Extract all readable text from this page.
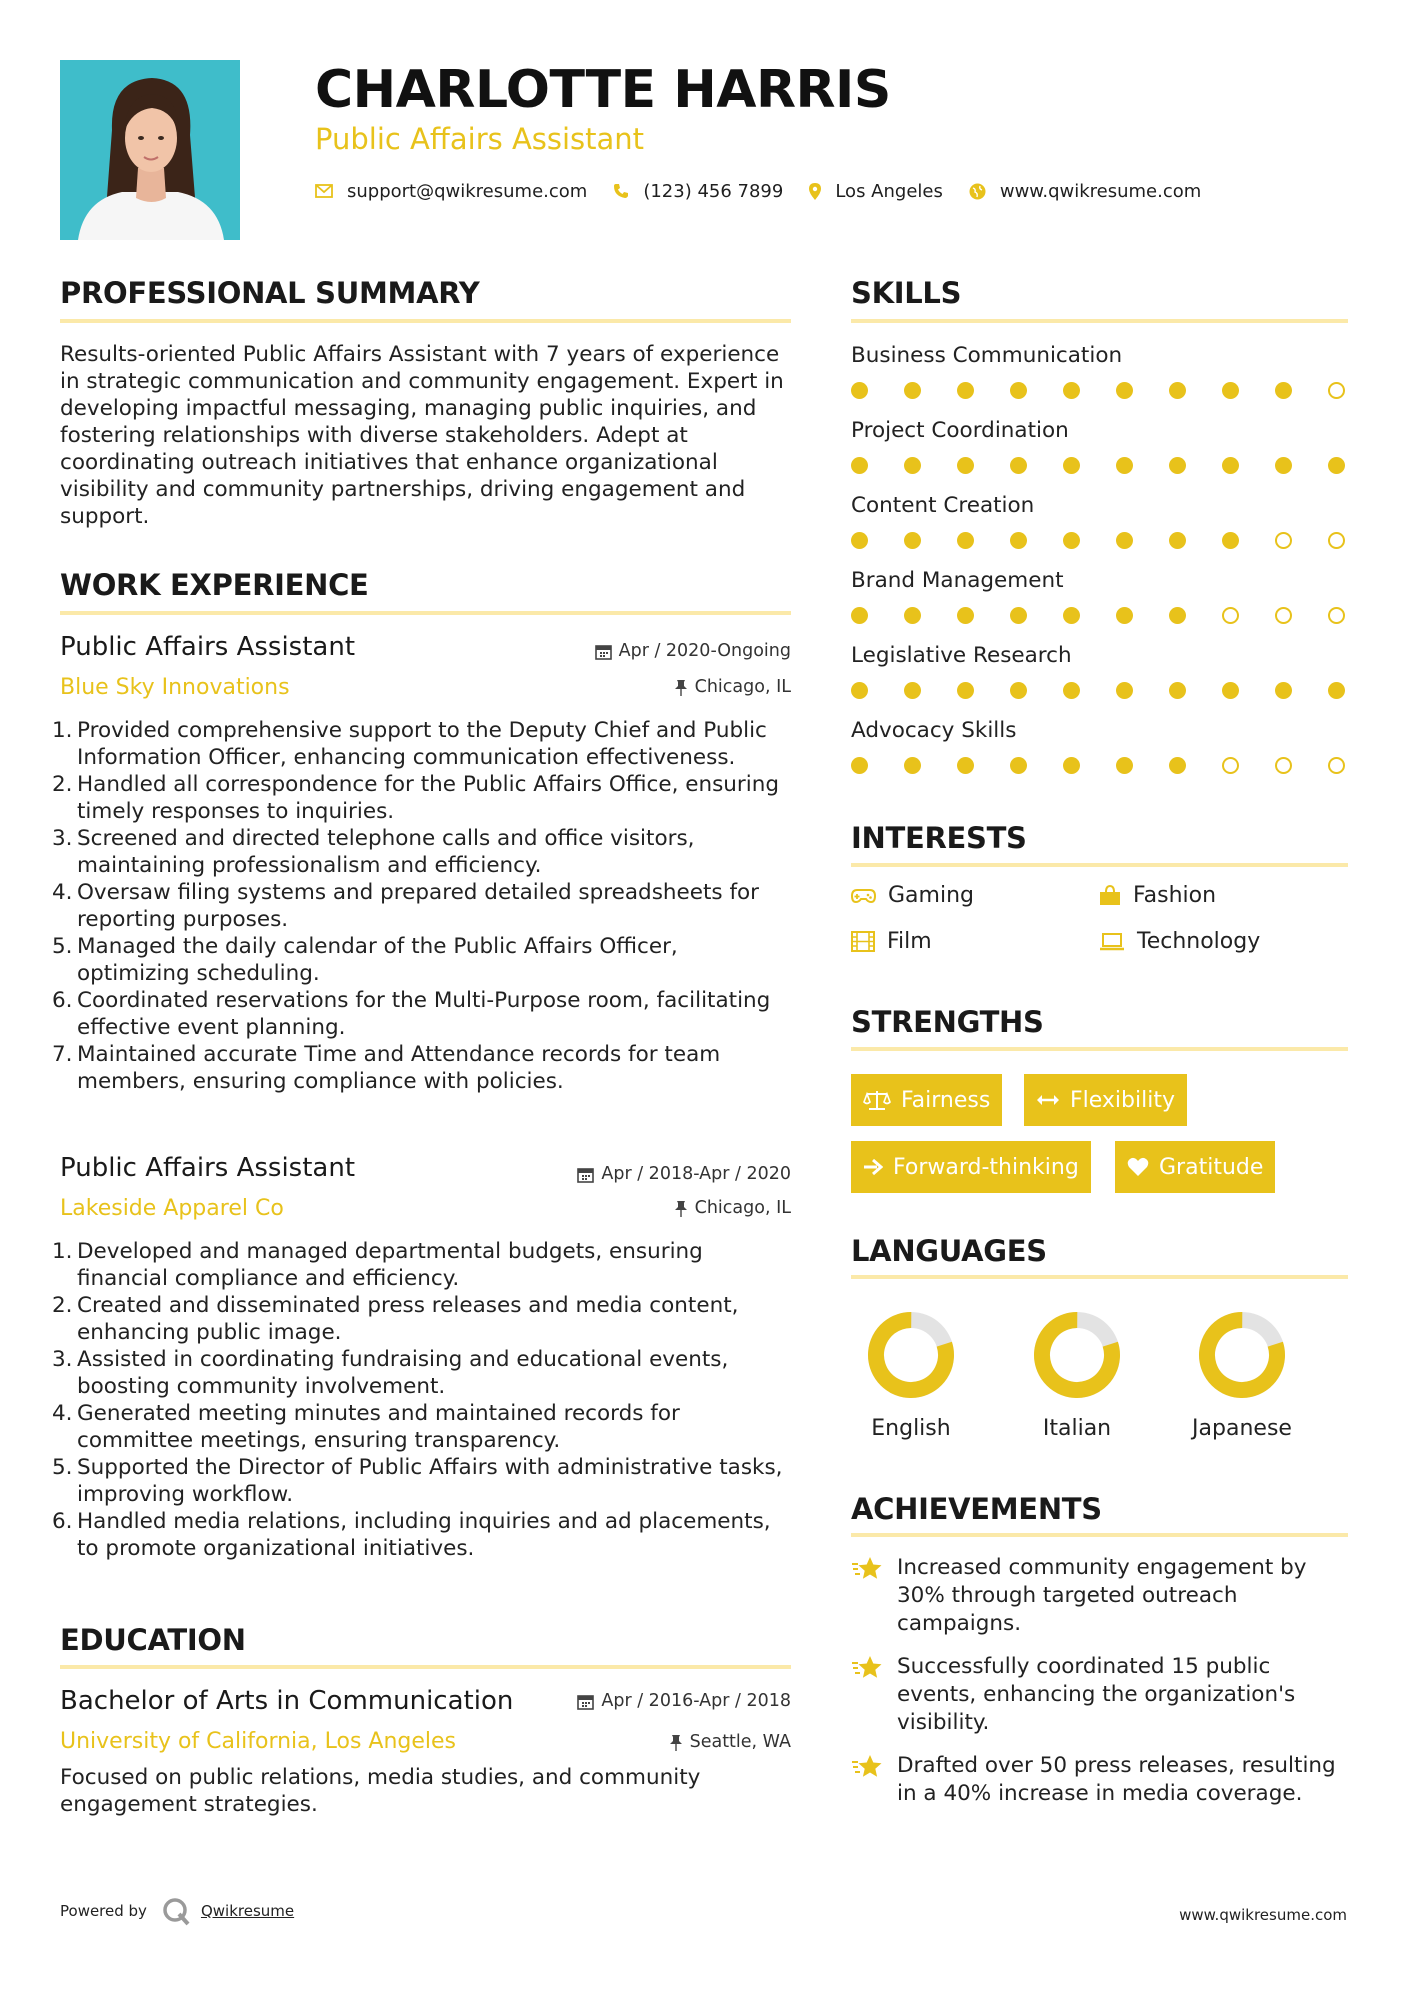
CHARLOTTE HARRIS
Public Affairs Assistant
support@qwikresume.com	(123) 456 7899	Los Angeles	www.qwikresume.com
PROFESSIONAL SUMMARY
Results-oriented Public Affairs Assistant with 7 years of experience in strategic communication and community engagement. Expert in developing impactful messaging, managing public inquiries, and fostering relationships with diverse stakeholders. Adept at coordinating outreach initiatives that enhance organizational visibility and community partnerships, driving engagement and support.
WORK EXPERIENCE
Public Affairs Assistant	Apr / 2020-Ongoing
Blue Sky Innovations	Chicago, IL
1. Provided comprehensive support to the Deputy Chief and Public Information Officer, enhancing communication effectiveness.
2. Handled all correspondence for the Public Affairs Office, ensuring timely responses to inquiries.
3. Screened and directed telephone calls and office visitors, maintaining professionalism and efficiency.
4. Oversaw filing systems and prepared detailed spreadsheets for reporting purposes.
5. Managed the daily calendar of the Public Affairs Officer, optimizing scheduling.
6. Coordinated reservations for the Multi-Purpose room, facilitating effective event planning.
7. Maintained accurate Time and Attendance records for team members, ensuring compliance with policies.
Public Affairs Assistant	Apr / 2018-Apr / 2020
Lakeside Apparel Co	Chicago, IL
1. Developed and managed departmental budgets, ensuring financial compliance and efficiency.
2. Created and disseminated press releases and media content, enhancing public image.
3. Assisted in coordinating fundraising and educational events, boosting community involvement.
4. Generated meeting minutes and maintained records for committee meetings, ensuring transparency.
5. Supported the Director of Public Affairs with administrative tasks, improving workflow.
6. Handled media relations, including inquiries and ad placements, to promote organizational initiatives.
EDUCATION
Bachelor of Arts in Communication	Apr / 2016-Apr / 2018
University of California, Los Angeles	Seattle, WA
Focused on public relations, media studies, and community engagement strategies.
SKILLS
Business Communication
Project Coordination
Content Creation
Brand Management
Legislative Research
Advocacy Skills
INTERESTS
Gaming	Fashion
Film	Technology
STRENGTHS
Fairness	Flexibility
Forward-thinking	Gratitude
LANGUAGES
English	Italian	Japanese
ACHIEVEMENTS
Increased community engagement by 30% through targeted outreach campaigns.
Successfully coordinated 15 public events, enhancing the organization's visibility.
Drafted over 50 press releases, resulting in a 40% increase in media coverage.
Powered by	Qwikresume	www.qwikresume.com
